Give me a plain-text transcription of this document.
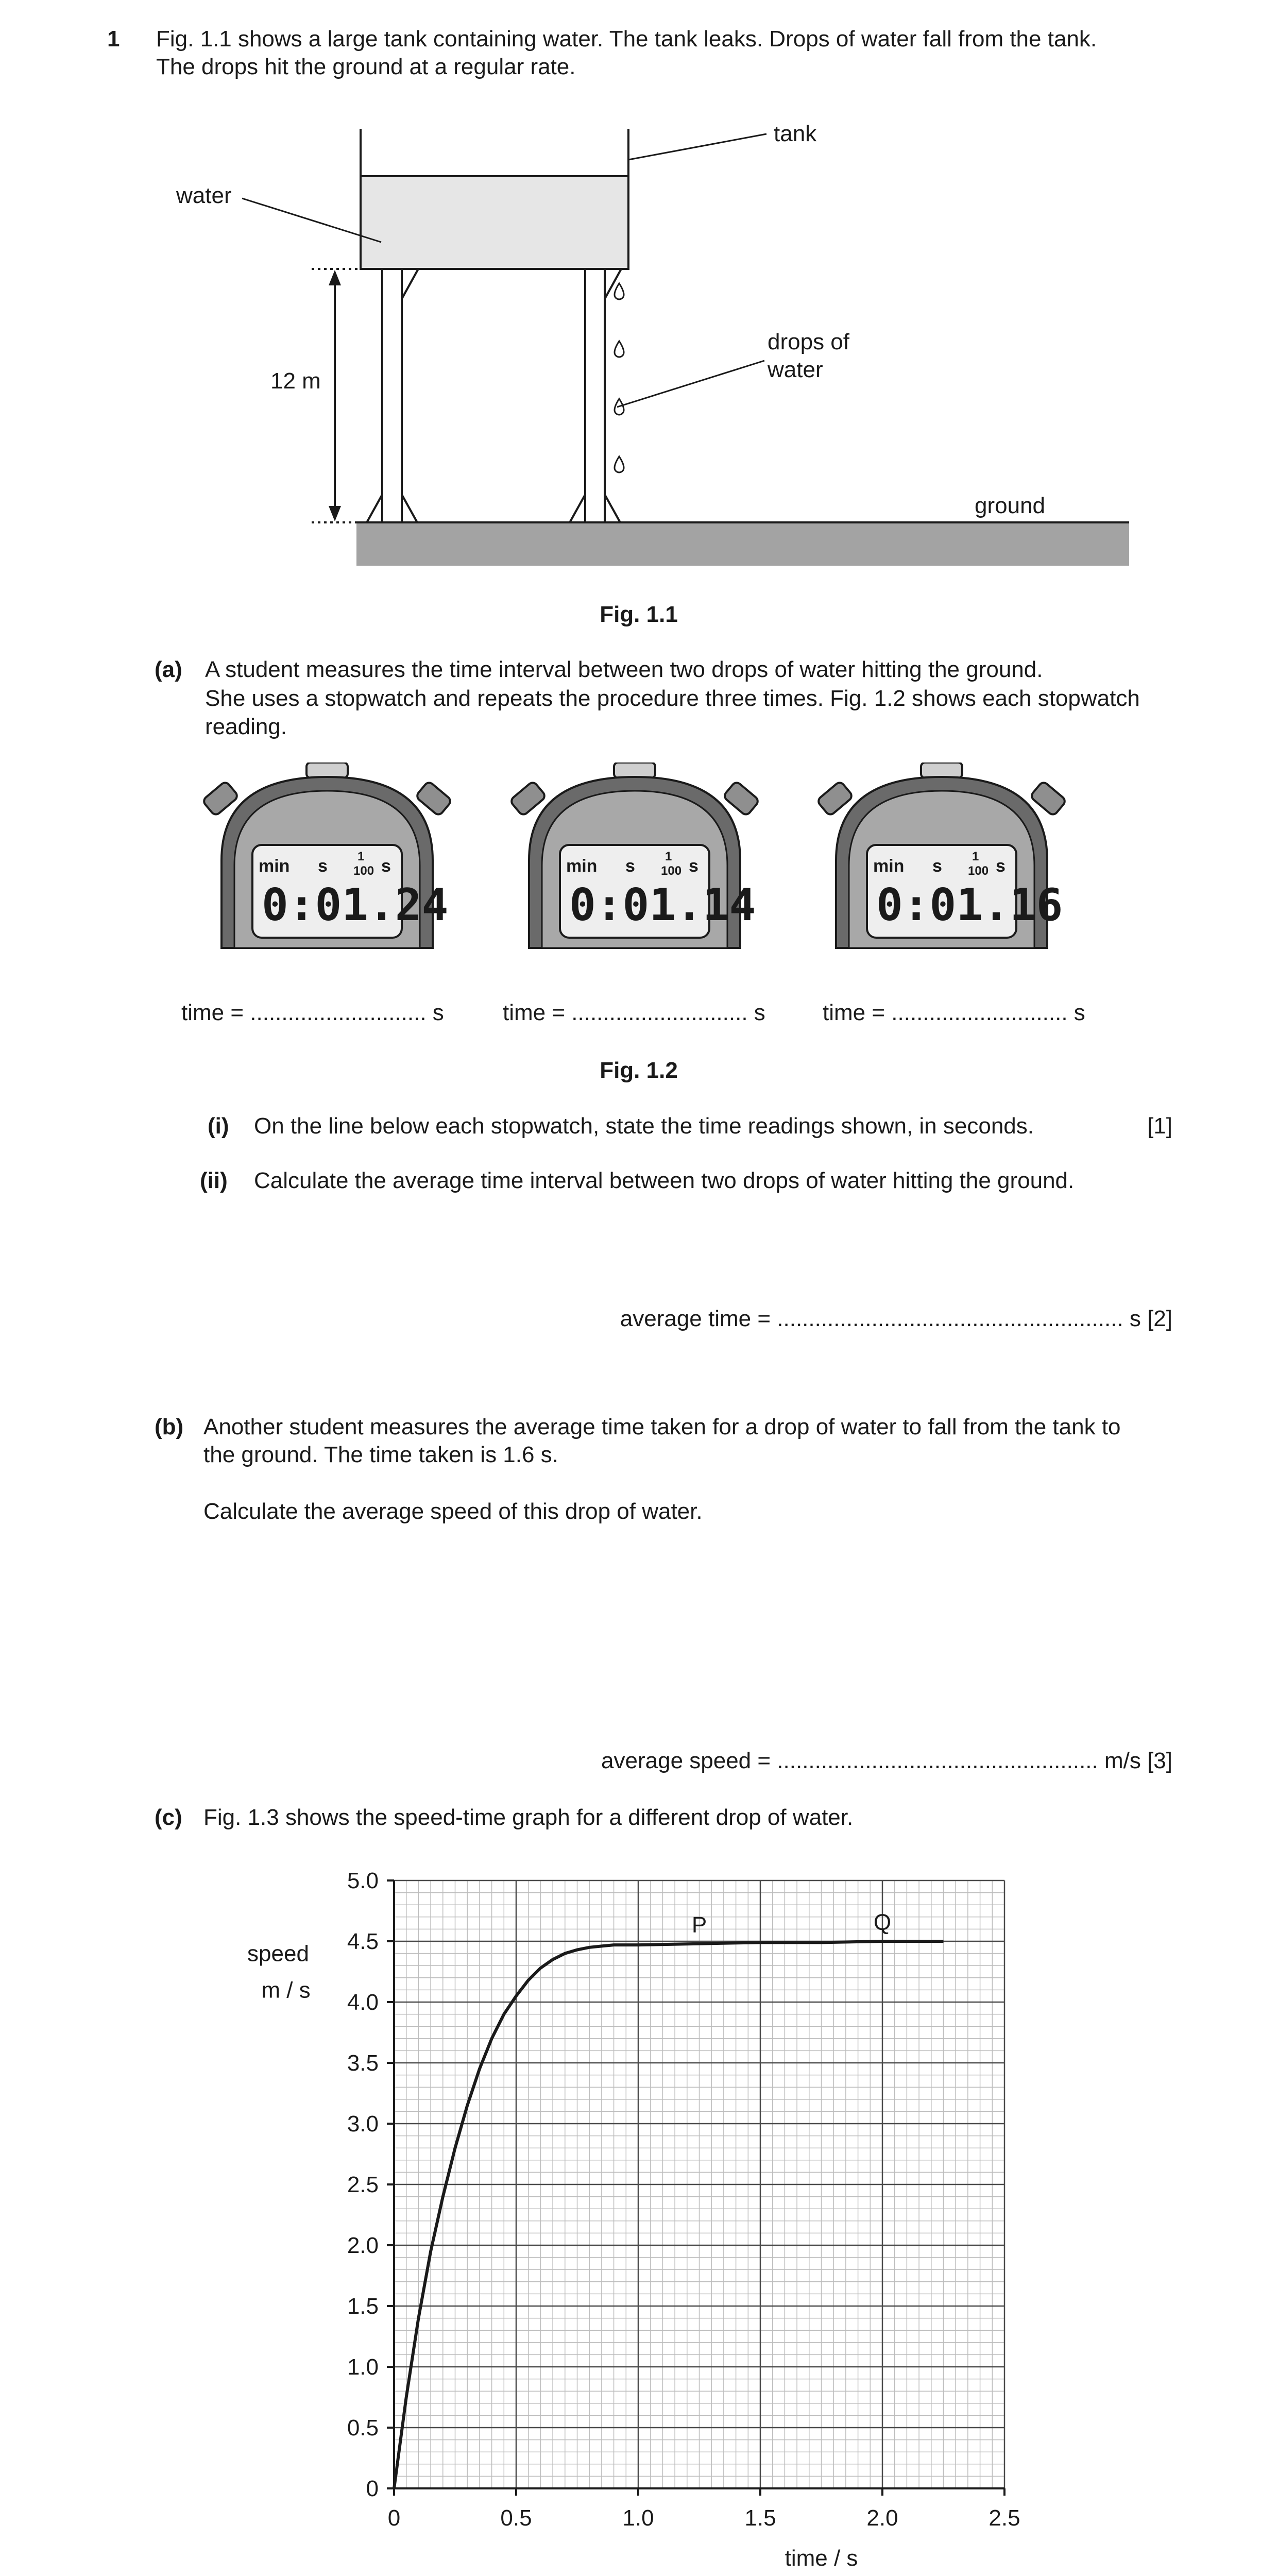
1 Fig. 1.1 shows a large tank containing water. The tank leaks. Drops of water fall from the tank.
The drops hit the ground at a regular rate.
tank
water
12 m
drops of
water
ground
Fig. 1.1
(a) A student measures the time interval between two drops of water hitting the ground.
She uses a stopwatch and repeats the procedure three times. Fig. 1.2 shows each stopwatch
reading.
min s 1
100 s
0:01.24
min s 1
100 s
0:01.14
min s 1
100 s
0:01.16
time = ............................ s	time = ............................ s	time = ............................ s
Fig. 1.2
(i) On the line below each stopwatch, state the time readings shown, in seconds.	[1]
(ii) Calculate the average time interval between two drops of water hitting the ground.
average time = ....................................................... s [2]
(b) Another student measures the average time taken for a drop of water to fall from the tank to
the ground. The time taken is 1.6 s.
Calculate the average speed of this drop of water.
average speed = ................................................... m/s [3]
(c) Fig. 1.3 shows the speed-time graph for a different drop of water.
0	0.5	1.0	1.5	2.0	2.5
0
0.5
1.0
1.5
2.0
2.5
3.0
3.5
4.0
4.5
5.0
P	Q
speed
m / s
time / s
